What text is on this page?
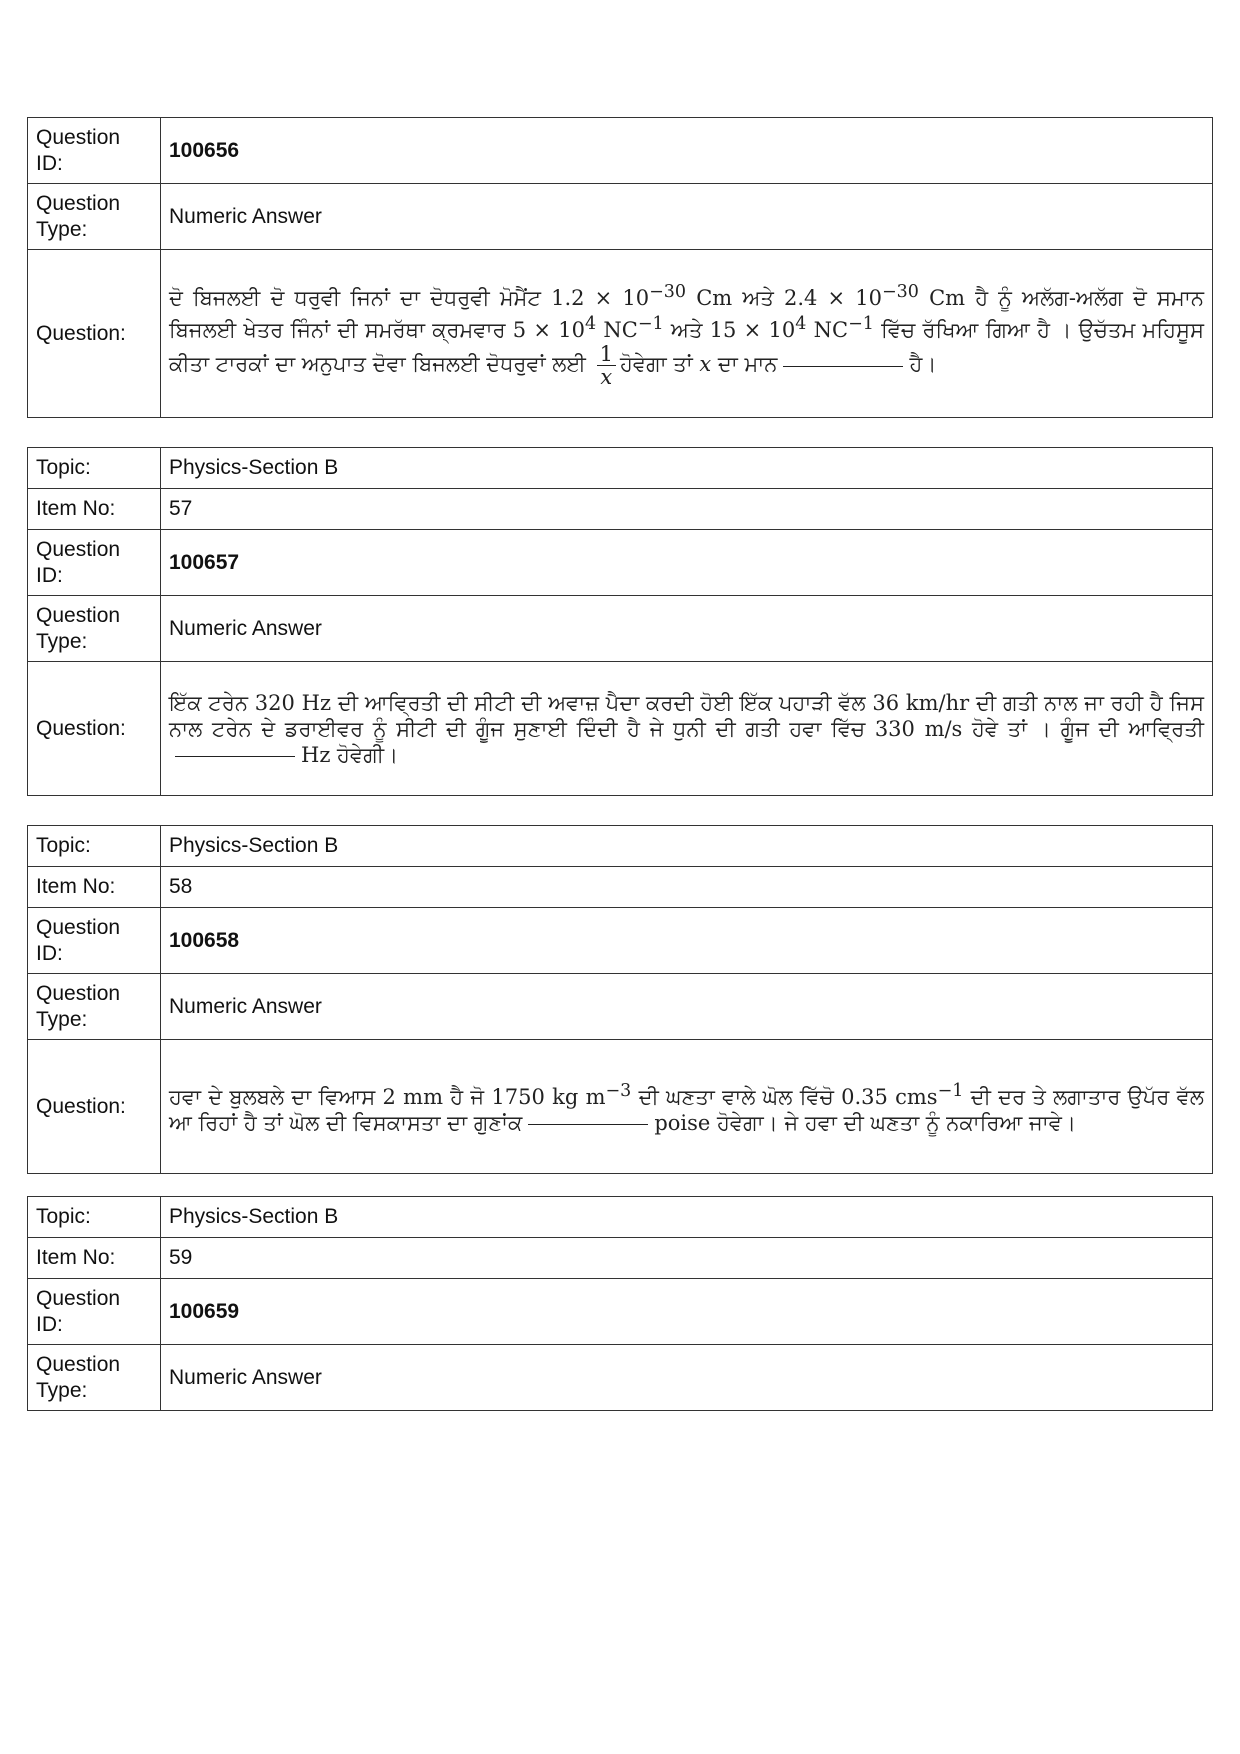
Question ID:	100656
Question Type:	Numeric Answer
Question:	ਦੋ ਬਿਜਲਈ ਦੋ ਧਰੁਵੀ ਜਿਨਾਂ ਦਾ ਦੋਧਰੁਵੀ ਮੋਮੈਂਟ $1.2 \times 10^{-30}$ Cm ਅਤੇ $2.4 \times 10^{-30}$ Cm ਹੈ ਨੂੰ ਅਲੱਗ-ਅਲੱਗ ਦੋ ਸਮਾਨ ਬਿਜਲਈ ਖੇਤਰ ਜਿੰਨਾਂ ਦੀ ਸਮਰੱਥਾ ਕ੍ਰਮਵਾਰ $5 \times 10^4$ $NC^{-1}$ ਅਤੇ $15 \times 10^4$ $NC^{-1}$ ਵਿੱਚ ਰੱਖਿਆ ਗਿਆ ਹੈ । ਉਚੱਤਮ ਮਹਿਸੂਸ ਕੀਤਾ ਟਾਰਕਾਂ ਦਾ ਅਨੁਪਾਤ ਦੋਵਾ ਬਿਜਲਈ ਦੋਧਰੁਵਾਂ ਲਈ $\frac{1}{x}$ ਹੋਵੇਗਾ ਤਾਂ x ਦਾ ਮਾਨ ਹੈ।
Topic:	Physics-Section B
Item No:	57
Question ID:	100657
Question Type:	Numeric Answer
Question:	ਇੱਕ ਟਰੇਨ 320 Hz ਦੀ ਆਵ੍ਰਿਤੀ ਦੀ ਸੀਟੀ ਦੀ ਅਵਾਜ਼ ਪੈਦਾ ਕਰਦੀ ਹੋਈ ਇੱਕ ਪਹਾੜੀ ਵੱਲ 36 km/hr ਦੀ ਗਤੀ ਨਾਲ ਜਾ ਰਹੀ ਹੈ ਜਿਸ ਨਾਲ ਟਰੇਨ ਦੇ ਡਰਾਈਵਰ ਨੂੰ ਸੀਟੀ ਦੀ ਗੂੰਜ ਸੁਣਾਈ ਦਿੰਦੀ ਹੈ ਜੇ ਧੁਨੀ ਦੀ ਗਤੀ ਹਵਾ ਵਿੱਚ 330 m/s ਹੋਵੇ ਤਾਂ । ਗੂੰਜ ਦੀ ਆਵ੍ਰਿਤੀHz ਹੋਵੇਗੀ।
Topic:	Physics-Section B
Item No:	58
Question ID:	100658
Question Type:	Numeric Answer
Question:	ਹਵਾ ਦੇ ਬੁਲਬਲੇ ਦਾ ਵਿਆਸ 2 mm ਹੈ ਜੋ 1750 kg $m^{-3}$ ਦੀ ਘਣਤਾ ਵਾਲੇ ਘੋਲ ਵਿੱਚੋ 0.35 cms$^{-1}$ ਦੀ ਦਰ ਤੇ ਲਗਾਤਾਰ ਉਪੱਰ ਵੱਲ ਆ ਰਿਹਾਂ ਹੈ ਤਾਂ ਘੋਲ ਦੀ ਵਿਸਕਾਸਤਾ ਦਾ ਗੁਣਾਂਕ poise ਹੋਵੇਗਾ। ਜੇ ਹਵਾ ਦੀ ਘਣਤਾ ਨੂੰ ਨਕਾਰਿਆ ਜਾਵੇ।
Topic:	Physics-Section B
Item No:	59
Question ID:	100659
Question Type:	Numeric Answer
